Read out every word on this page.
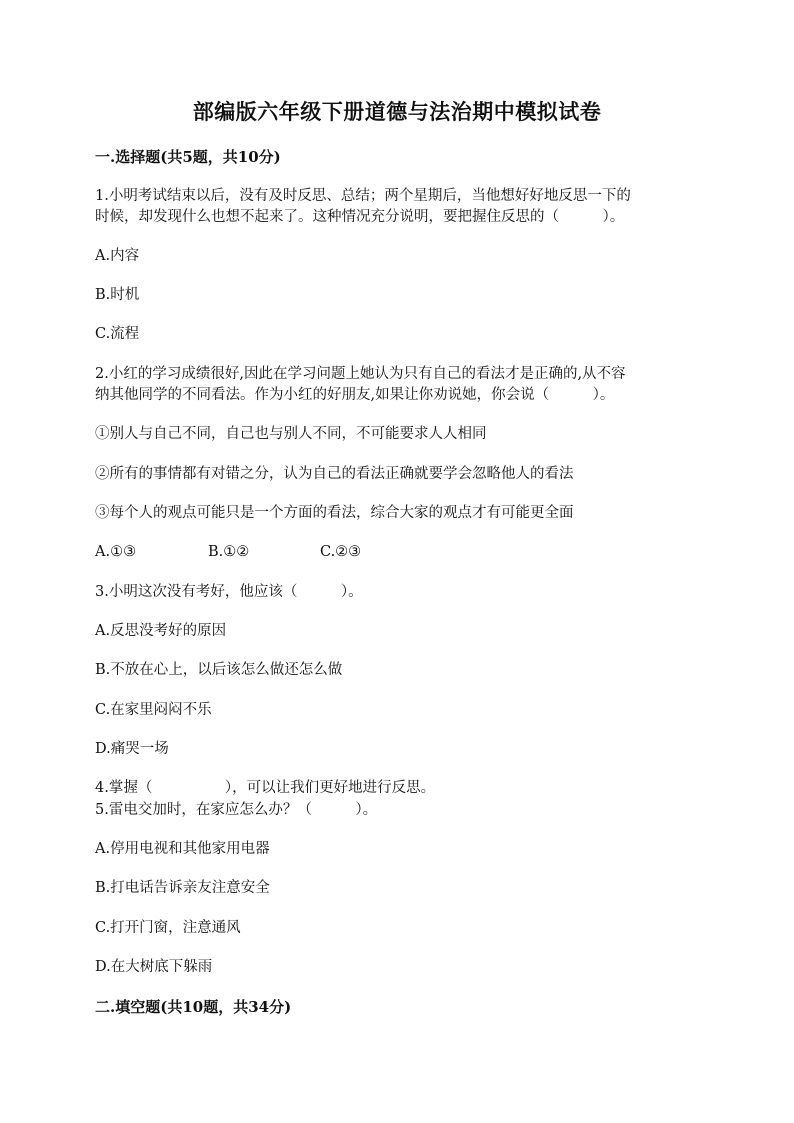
部编版六年级下册道德与法治期中模拟试卷
一.选择题(共5题，共10分)
1.小明考试结束以后，没有及时反思、总结；两个星期后，当他想好好地反思一下的
时候，却发现什么也想不起来了。这种情况充分说明，要把握住反思的（　　　）。
A.内容
B.时机
C.流程
2.小红的学习成绩很好,因此在学习问题上她认为只有自己的看法才是正确的,从不容
纳其他同学的不同看法。作为小红的好朋友,如果让你劝说她，你会说（　　　）。
①别人与自己不同，自己也与别人不同，不可能要求人人相同
②所有的事情都有对错之分，认为自己的看法正确就要学会忽略他人的看法
③每个人的观点可能只是一个方面的看法，综合大家的观点才有可能更全面
A.①③	B.①②	C.②③
3.小明这次没有考好，他应该（　　　）。
A.反思没考好的原因
B.不放在心上，以后该怎么做还怎么做
C.在家里闷闷不乐
D.痛哭一场
4.掌握（　　　　　），可以让我们更好地进行反思。
5.雷电交加时，在家应怎么办？（　　　）。
A.停用电视和其他家用电器
B.打电话告诉亲友注意安全
C.打开门窗，注意通风
D.在大树底下躲雨
二.填空题(共10题，共34分)
